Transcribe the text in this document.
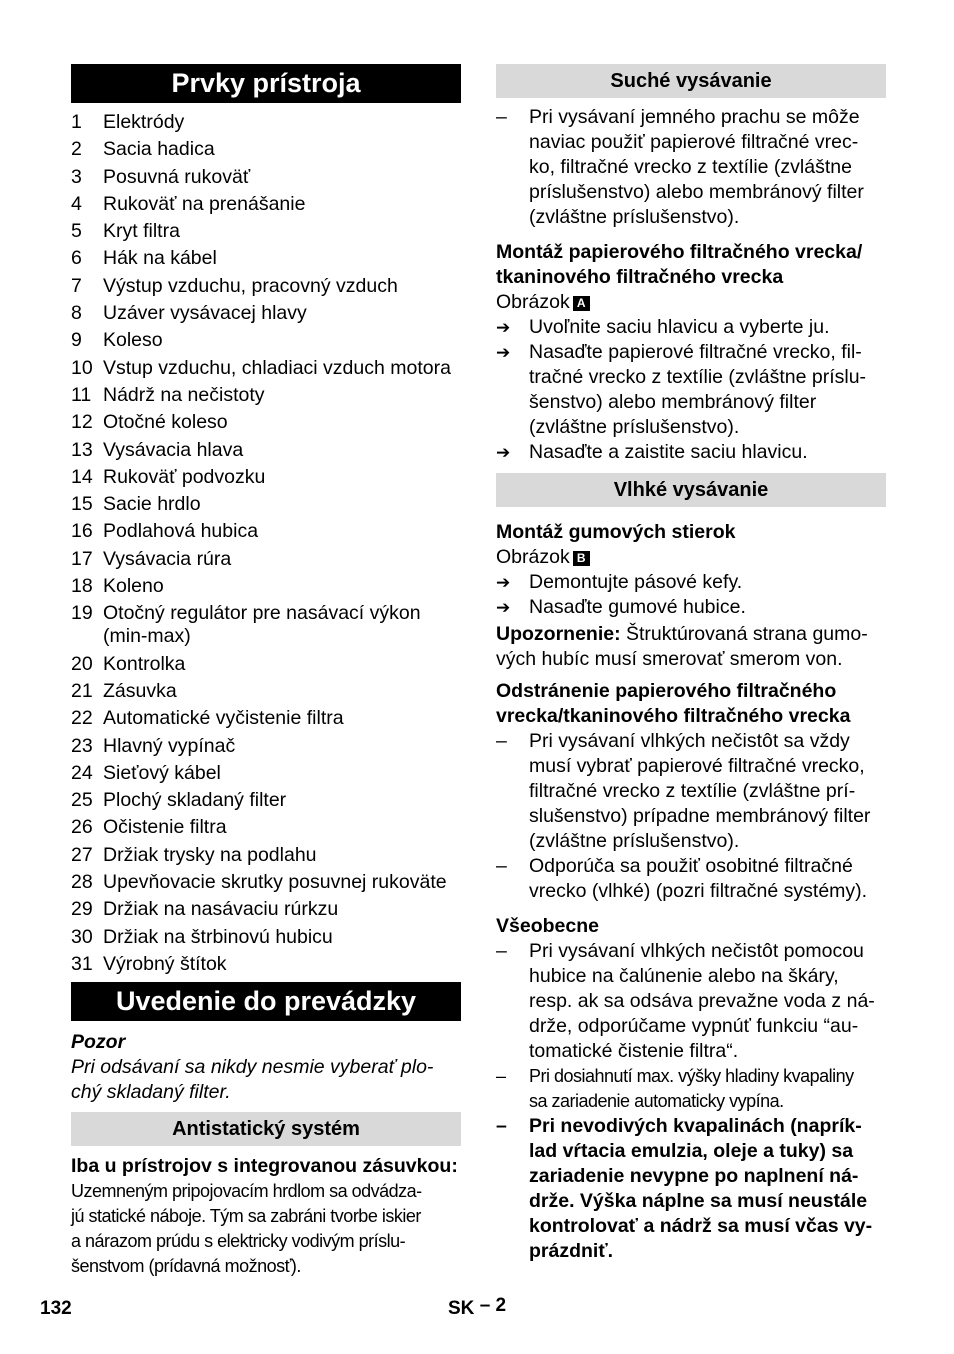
Prvky prístroja
1	Elektródy
2	Sacia hadica
3	Posuvná rukoväť
4	Rukoväť na prenášanie
5	Kryt filtra
6	Hák na kábel
7	Výstup vzduchu, pracovný vzduch
8	Uzáver vysávacej hlavy
9	Koleso
10 Vstup vzduchu, chladiaci vzduch motora
11 Nádrž na nečistoty
12 Otočné koleso
13 Vysávacia hlava
14 Rukoväť podvozku
15 Sacie hrdlo
16 Podlahová hubica
17 Vysávacia rúra
18 Koleno
19 Otočný regulátor pre nasávací výkon (min-max)
20 Kontrolka
21 Zásuvka
22 Automatické vyčistenie filtra
23 Hlavný vypínač
24 Sieťový kábel
25 Plochý skladaný filter
26 Očistenie filtra
27 Držiak trysky na podlahu
28 Upevňovacie skrutky posuvnej rukoväte
29 Držiak na nasávaciu rúrkzu
30 Držiak na štrbinovú hubicu
31 Výrobný štítok
Uvedenie do prevádzky

Pozor

Pri odsávaní sa nikdy nesmie vyberať plo-

chý skladaný filter.

Antistatický systém

Iba u prístrojov s integrovanou zásuvkou:

Uzemneným pripojovacím hrdlom sa odvádza-

jú statické náboje. Tým sa zabráni tvorbe iskier

a nárazom prúdu s elektricky vodivým príslu-

šenstvom (prídavná možnosť).

Suché vysávanie
–	Pri vysávaní jemného prachu se môže

naviac použiť papierové filtračné vrec-

ko, filtračné vrecko z textílie (zvláštne

príslušenstvo) alebo membránový filter

(zvláštne príslušenstvo).

Montáž papierového filtračného vrecka/

tkaninového filtračného vrecka

Obrázok A

➔ Uvoľnite saciu hlavicu a vyberte ju.
➔ Nasaďte papierové filtračné vrecko, fil-

tračné vrecko z textílie (zvláštne príslu-

šenstvo) alebo membránový filter

(zvláštne príslušenstvo).

➔ Nasaďte a zaistite saciu hlavicu.
Vlhké vysávanie

Montáž gumových stierok

Obrázok B

➔ Demontujte pásové kefy.
➔ Nasaďte gumové hubice.

Upozornenie: Štruktúrovaná strana gumo-

vých hubíc musí smerovať smerom von.

Odstránenie papierového filtračného

vrecka/tkaninového filtračného vrecka

–	Pri vysávaní vlhkých nečistôt sa vždy

musí vybrať papierové filtračné vrecko,

filtračné vrecko z textílie (zvláštne prí-

slušenstvo) prípadne membránový filter

(zvláštne príslušenstvo).

–	Odporúča sa použiť osobitné filtračné

vrecko (vlhké) (pozri filtračné systémy).

Všeobecne

–	Pri vysávaní vlhkých nečistôt pomocou

hubice na čalúnenie alebo na škáry,

resp. ak sa odsáva prevažne voda z ná-

drže, odporúčame vypnúť funkciu “au-

tomatické čistenie filtra“.

–	Pri dosiahnutí max. výšky hladiny kvapaliny

sa zariadenie automaticky vypína.

–	Pri nevodivých kvapalinách (naprík-

lad vŕtacia emulzia, oleje a tuky) sa

zariadenie nevypne po naplnení ná-

drže. Výška náplne sa musí neustále

kontrolovať a nádrž sa musí včas vy-

prázdniť.

132	SK – 2
